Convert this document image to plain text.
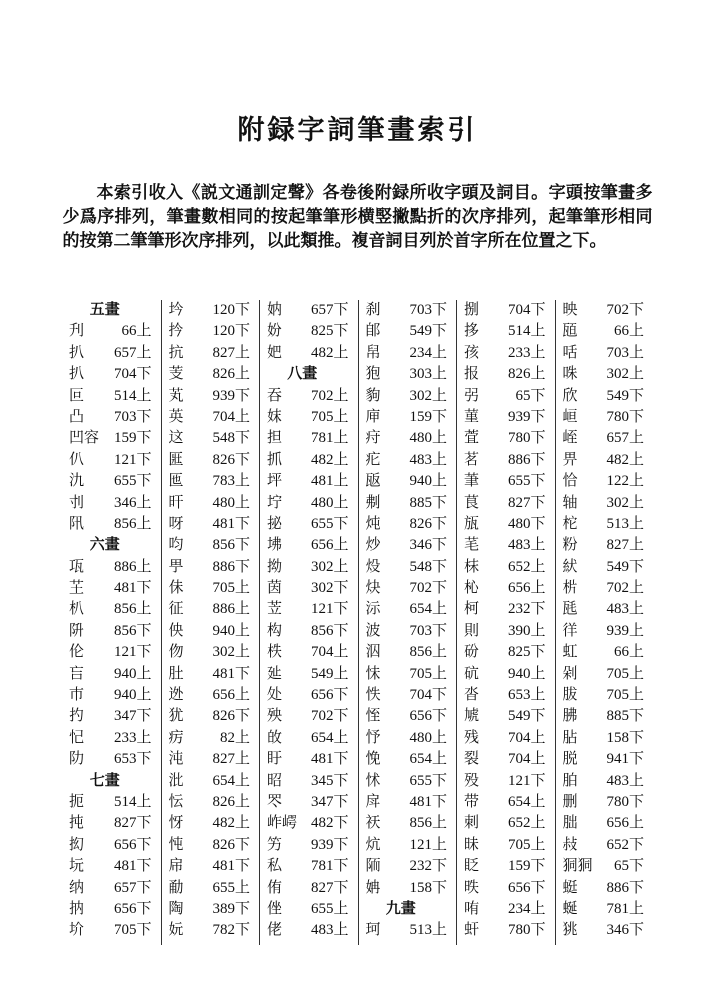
附録字詞筆畫索引

本索引收入《説文通訓定聲》各卷後附録所收字頭及詞目。字頭按筆畫多少爲序排列，筆畫數相同的按起筆筆形横竪撇點折的次序排列，起筆筆形相同的按第二筆筆形次序排列，以此類推。複音詞目列於首字所在位置之下。

五畫
刋 66上
扒 657上
扒 704下
叵 514上
凸 703下
凹容 159下
仈 121下
氿 655下
刌 346上
阠 856上
六畫
瓨 886上
芏 481下
朳 856上
阩 856下
伦 121下
吂 940上
巿 940上
扚 347下
忋 233上
阞 653下
七畫
扼 514上
扽 827下
抝 656下
坃 481下
纳 657下
抐 656下
圿 705下
坅 120下
扲 120下
抗 827上
芰 826上
芄 939下
英 704上
这 548下
匨 826下
匜 783上
旰 480上
呀 481下
呁 856下
甼 886下
佅 705上
征 886上
佒 940上
伆 302上
肚 481下
迯 656上
犹 826下
疠 82上
沌 827上
沘 654上
忶 826上
㤉 482上
忳 826下
帍 481下
勈 655上
陶 389下
妧 782下
妠 657下
妢 825下
妑 482上
八畫
吞 702上
妺 705上
担 781上
抓 482上
坪 481上
坾 480上
㧙 655下
坲 656上
拗 302上
茵 302下
苙 121下
构 856下
柣 704上
㢟 549上
处 656下
殃 702下
敀 654上
盱 481下
昭 345下
罖 347下
岞崿 482下
竻 939下
私 781下
侑 827下
侳 655上
佬 483上
刹 703下
郋 549下
帠 234上
狍 303上
豿 302上
庘 159下
疛 480上
疕 483上
瓪 940上
刜 885下
炖 826下
炒 346下
炈 548下
炔 702下
沶 654上
波 703下
泅 856上
怽 705上
怢 704下
恎 656下
忬 480上
悗 654上
怵 655下
戽 481下
祆 856上
炕 121上
陑 232下
姌 158下
九畫
珂 513上
捌 704下
拸 514上
孩 233上
报 826上
弜 65下
菫 939下
萓 780下
茗 886下
茟 655下
茛 827下
瓬 480下
芼 483上
枺 652上
杺 656上
柯 232下
則 390上
砏 825下
砊 940上
沓 653上
虓 549下
残 704上
裂 704上
殁 121下
带 654上
刺 652上
昧 705上
眨 159下
昳 656下
哊 234上
虷 780下
映 702下
瓸 66上
咶 703上
咮 302上
欣 549下
峘 780下
峌 657上
畀 482上
恰 122上
轴 302上
柁 513上
粉 827上
紎 549下
㭊 702上
瓱 483上
徉 939上
虹 66上
剁 705上
胈 705上
胇 885下
胋 158下
脱 941下
胉 483上
删 780下
朏 656上
敊 652下
狪狪 65下
蜓 886下
蜒 781上
狣 346下
